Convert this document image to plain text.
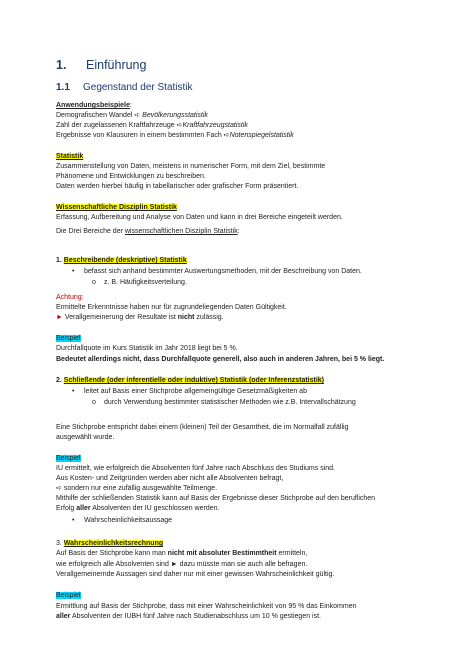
1. Einführung
1.1 Gegenstand der Statistik
Anwendungsbeispiele:
Demografischen Wandel ➪ Bevölkerungsstatistik
Zahl der zugelassenen Kraftfahrzeuge ➪Kraftfahrzeugstatistik
Ergebnisse von Klausuren in einem bestimmten Fach ➪Notenspiegelstatistik
Statistik
Zusammenstellung von Daten, meistens in numerischer Form, mit dem Ziel, bestimmte
Phänomene und Entwicklungen zu beschreiben.
Daten werden hierbei häufig in tabellarischer oder grafischer Form präsentiert.
Wissenschaftliche Disziplin Statistik
Erfassung, Aufbereitung und Analyse von Daten und kann in drei Bereiche eingeteilt werden.
Die Drei Bereiche der wissenschaftlichen Disziplin Statistik:
1. Beschreibende (deskriptive) Statistik
• befasst sich anhand bestimmter Auswertungsmethoden, mit der Beschreibung von Daten.
o z. B. Häufigkeitsverteilung.
Achtung:
Ermittelte Erkenntnisse haben nur für zugrundeliegenden Daten Gültigkeit.
► Verallgemeinerung der Resultate ist nicht zulässig.
Beispiel
Durchfallquote im Kurs Statistik im Jahr 2018 liegt bei 5 %.
Bedeutet allerdings nicht, dass Durchfallquote generell, also auch in anderen Jahren, bei 5 % liegt.
2. Schließende (oder inferentielle oder induktive) Statistik (oder Inferenzstatistik)
• leitet auf Basis einer Stichprobe allgemeingültige Gesetzmäßigkeiten ab
o durch Verwendung bestimmter statistischer Methoden wie z.B. Intervallschätzung
Eine Stichprobe entspricht dabei einem (kleinen) Teil der Gesamtheit, die im Normalfall zufällig
ausgewählt wurde.
Beispiel
IU ermittelt, wie erfolgreich die Absolventen fünf Jahre nach Abschluss des Studiums sind.
Aus Kosten- und Zeitgründen werden aber nicht alle Absolventen befragt,
➪ sondern nur eine zufällig ausgewählte Teilmenge.
Mithilfe der schließenden Statistik kann auf Basis der Ergebnisse dieser Stichprobe auf den beruflichen
Erfolg aller Absolventen der IU geschlossen werden.
• Wahrscheinlichkeitsaussage
3. Wahrscheinlichkeitsrechnung
Auf Basis der Stichprobe kann man nicht mit absoluter Bestimmtheit ermitteln,
wie erfolgreich alle Absolventen sind ► dazu müsste man sie auch alle befragen.
Verallgemeinernde Aussagen sind daher nur mit einer gewissen Wahrscheinlichkeit gültig.
Beispiel
Ermittlung auf Basis der Stichprobe, dass mit einer Wahrscheinlichkeit von 95 % das Einkommen
aller Absolventen der IUBH fünf Jahre nach Studienabschluss um 10 % gestiegen ist.
